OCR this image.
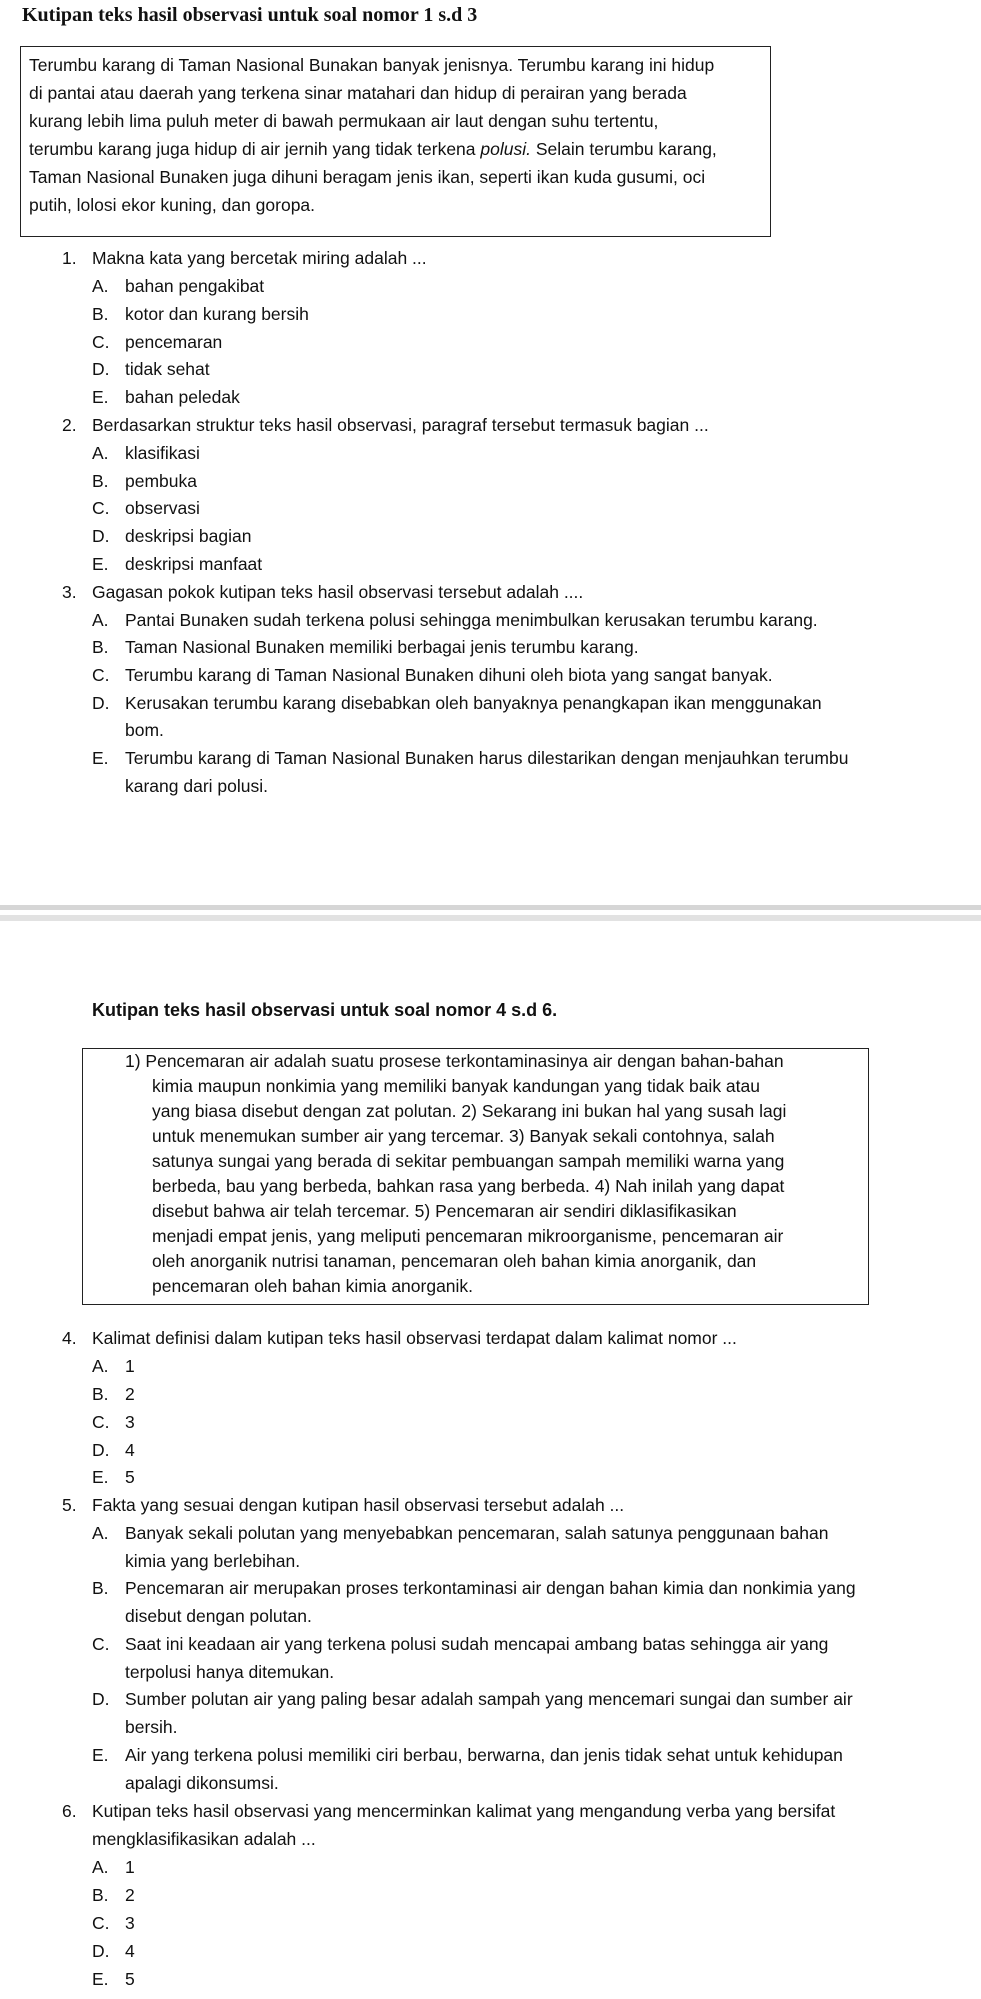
Kutipan teks hasil observasi untuk soal nomor 1 s.d 3
Terumbu karang di Taman Nasional Bunakan banyak jenisnya. Terumbu karang ini hidup
di pantai atau daerah yang terkena sinar matahari dan hidup di perairan yang berada
kurang lebih lima puluh meter di bawah permukaan air laut dengan suhu tertentu,
terumbu karang juga hidup di air jernih yang tidak terkena polusi. Selain terumbu karang,
Taman Nasional Bunaken juga dihuni beragam jenis ikan, seperti ikan kuda gusumi, oci
putih, lolosi ekor kuning, dan goropa.
1. Makna kata yang bercetak miring adalah ...
A. bahan pengakibat
B. kotor dan kurang bersih
C. pencemaran
D. tidak sehat
E. bahan peledak
2. Berdasarkan struktur teks hasil observasi, paragraf tersebut termasuk bagian ...
A. klasifikasi
B. pembuka
C. observasi
D. deskripsi bagian
E. deskripsi manfaat
3. Gagasan pokok kutipan teks hasil observasi tersebut adalah ....
A. Pantai Bunaken sudah terkena polusi sehingga menimbulkan kerusakan terumbu karang.
B. Taman Nasional Bunaken memiliki berbagai jenis terumbu karang.
C. Terumbu karang di Taman Nasional Bunaken dihuni oleh biota yang sangat banyak.
D. Kerusakan terumbu karang disebabkan oleh banyaknya penangkapan ikan menggunakan
bom.
E. Terumbu karang di Taman Nasional Bunaken harus dilestarikan dengan menjauhkan terumbu
karang dari polusi.
Kutipan teks hasil observasi untuk soal nomor 4 s.d 6.
1) Pencemaran air adalah suatu prosese terkontaminasinya air dengan bahan-bahan
kimia maupun nonkimia yang memiliki banyak kandungan yang tidak baik atau
yang biasa disebut dengan zat polutan. 2) Sekarang ini bukan hal yang susah lagi
untuk menemukan sumber air yang tercemar. 3) Banyak sekali contohnya, salah
satunya sungai yang berada di sekitar pembuangan sampah memiliki warna yang
berbeda, bau yang berbeda, bahkan rasa yang berbeda. 4) Nah inilah yang dapat
disebut bahwa air telah tercemar. 5) Pencemaran air sendiri diklasifikasikan
menjadi empat jenis, yang meliputi pencemaran mikroorganisme, pencemaran air
oleh anorganik nutrisi tanaman, pencemaran oleh bahan kimia anorganik, dan
pencemaran oleh bahan kimia anorganik.
4. Kalimat definisi dalam kutipan teks hasil observasi terdapat dalam kalimat nomor ...
A. 1
B. 2
C. 3
D. 4
E. 5
5. Fakta yang sesuai dengan kutipan hasil observasi tersebut adalah ...
A. Banyak sekali polutan yang menyebabkan pencemaran, salah satunya penggunaan bahan
kimia yang berlebihan.
B. Pencemaran air merupakan proses terkontaminasi air dengan bahan kimia dan nonkimia yang
disebut dengan polutan.
C. Saat ini keadaan air yang terkena polusi sudah mencapai ambang batas sehingga air yang
terpolusi hanya ditemukan.
D. Sumber polutan air yang paling besar adalah sampah yang mencemari sungai dan sumber air
bersih.
E. Air yang terkena polusi memiliki ciri berbau, berwarna, dan jenis tidak sehat untuk kehidupan
apalagi dikonsumsi.
6. Kutipan teks hasil observasi yang mencerminkan kalimat yang mengandung verba yang bersifat
mengklasifikasikan adalah ...
A. 1
B. 2
C. 3
D. 4
E. 5
